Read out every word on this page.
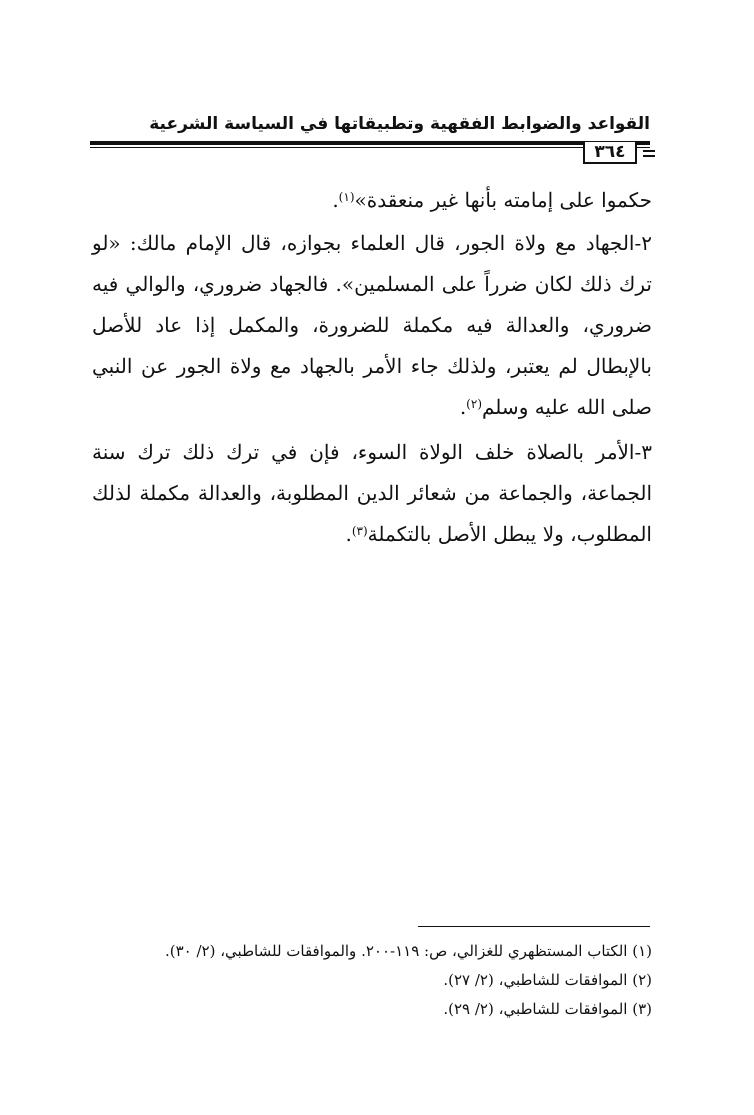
القواعد والضوابط الفقهية وتطبيقاتها في السياسة الشرعية
٣٦٤

حكموا على إمامته بأنها غير منعقدة»$^{(١)}$.

٢-الجهاد مع ولاة الجور، قال العلماء بجوازه، قال الإمام مالك: «لو ترك ذلك لكان ضرراً على المسلمين». فالجهاد ضروري، والوالي فيه ضروري، والعدالة فيه مكملة للضرورة، والمكمل إذا عاد للأصل بالإبطال لم يعتبر، ولذلك جاء الأمر بالجهاد مع ولاة الجور عن النبي صلى الله عليه وسلم$^{(٢)}$.

٣-الأمر بالصلاة خلف الولاة السوء، فإن في ترك ذلك ترك سنة الجماعة، والجماعة من شعائر الدين المطلوبة، والعدالة مكملة لذلك المطلوب، ولا يبطل الأصل بالتكملة$^{(٣)}$.

(١) الكتاب المستظهري للغزالي، ص: ١١٩-٢٠٠. والموافقات للشاطبي، (٢/ ٣٠).
(٢) الموافقات للشاطبي، (٢/ ٢٧).
(٣) الموافقات للشاطبي، (٢/ ٢٩).
